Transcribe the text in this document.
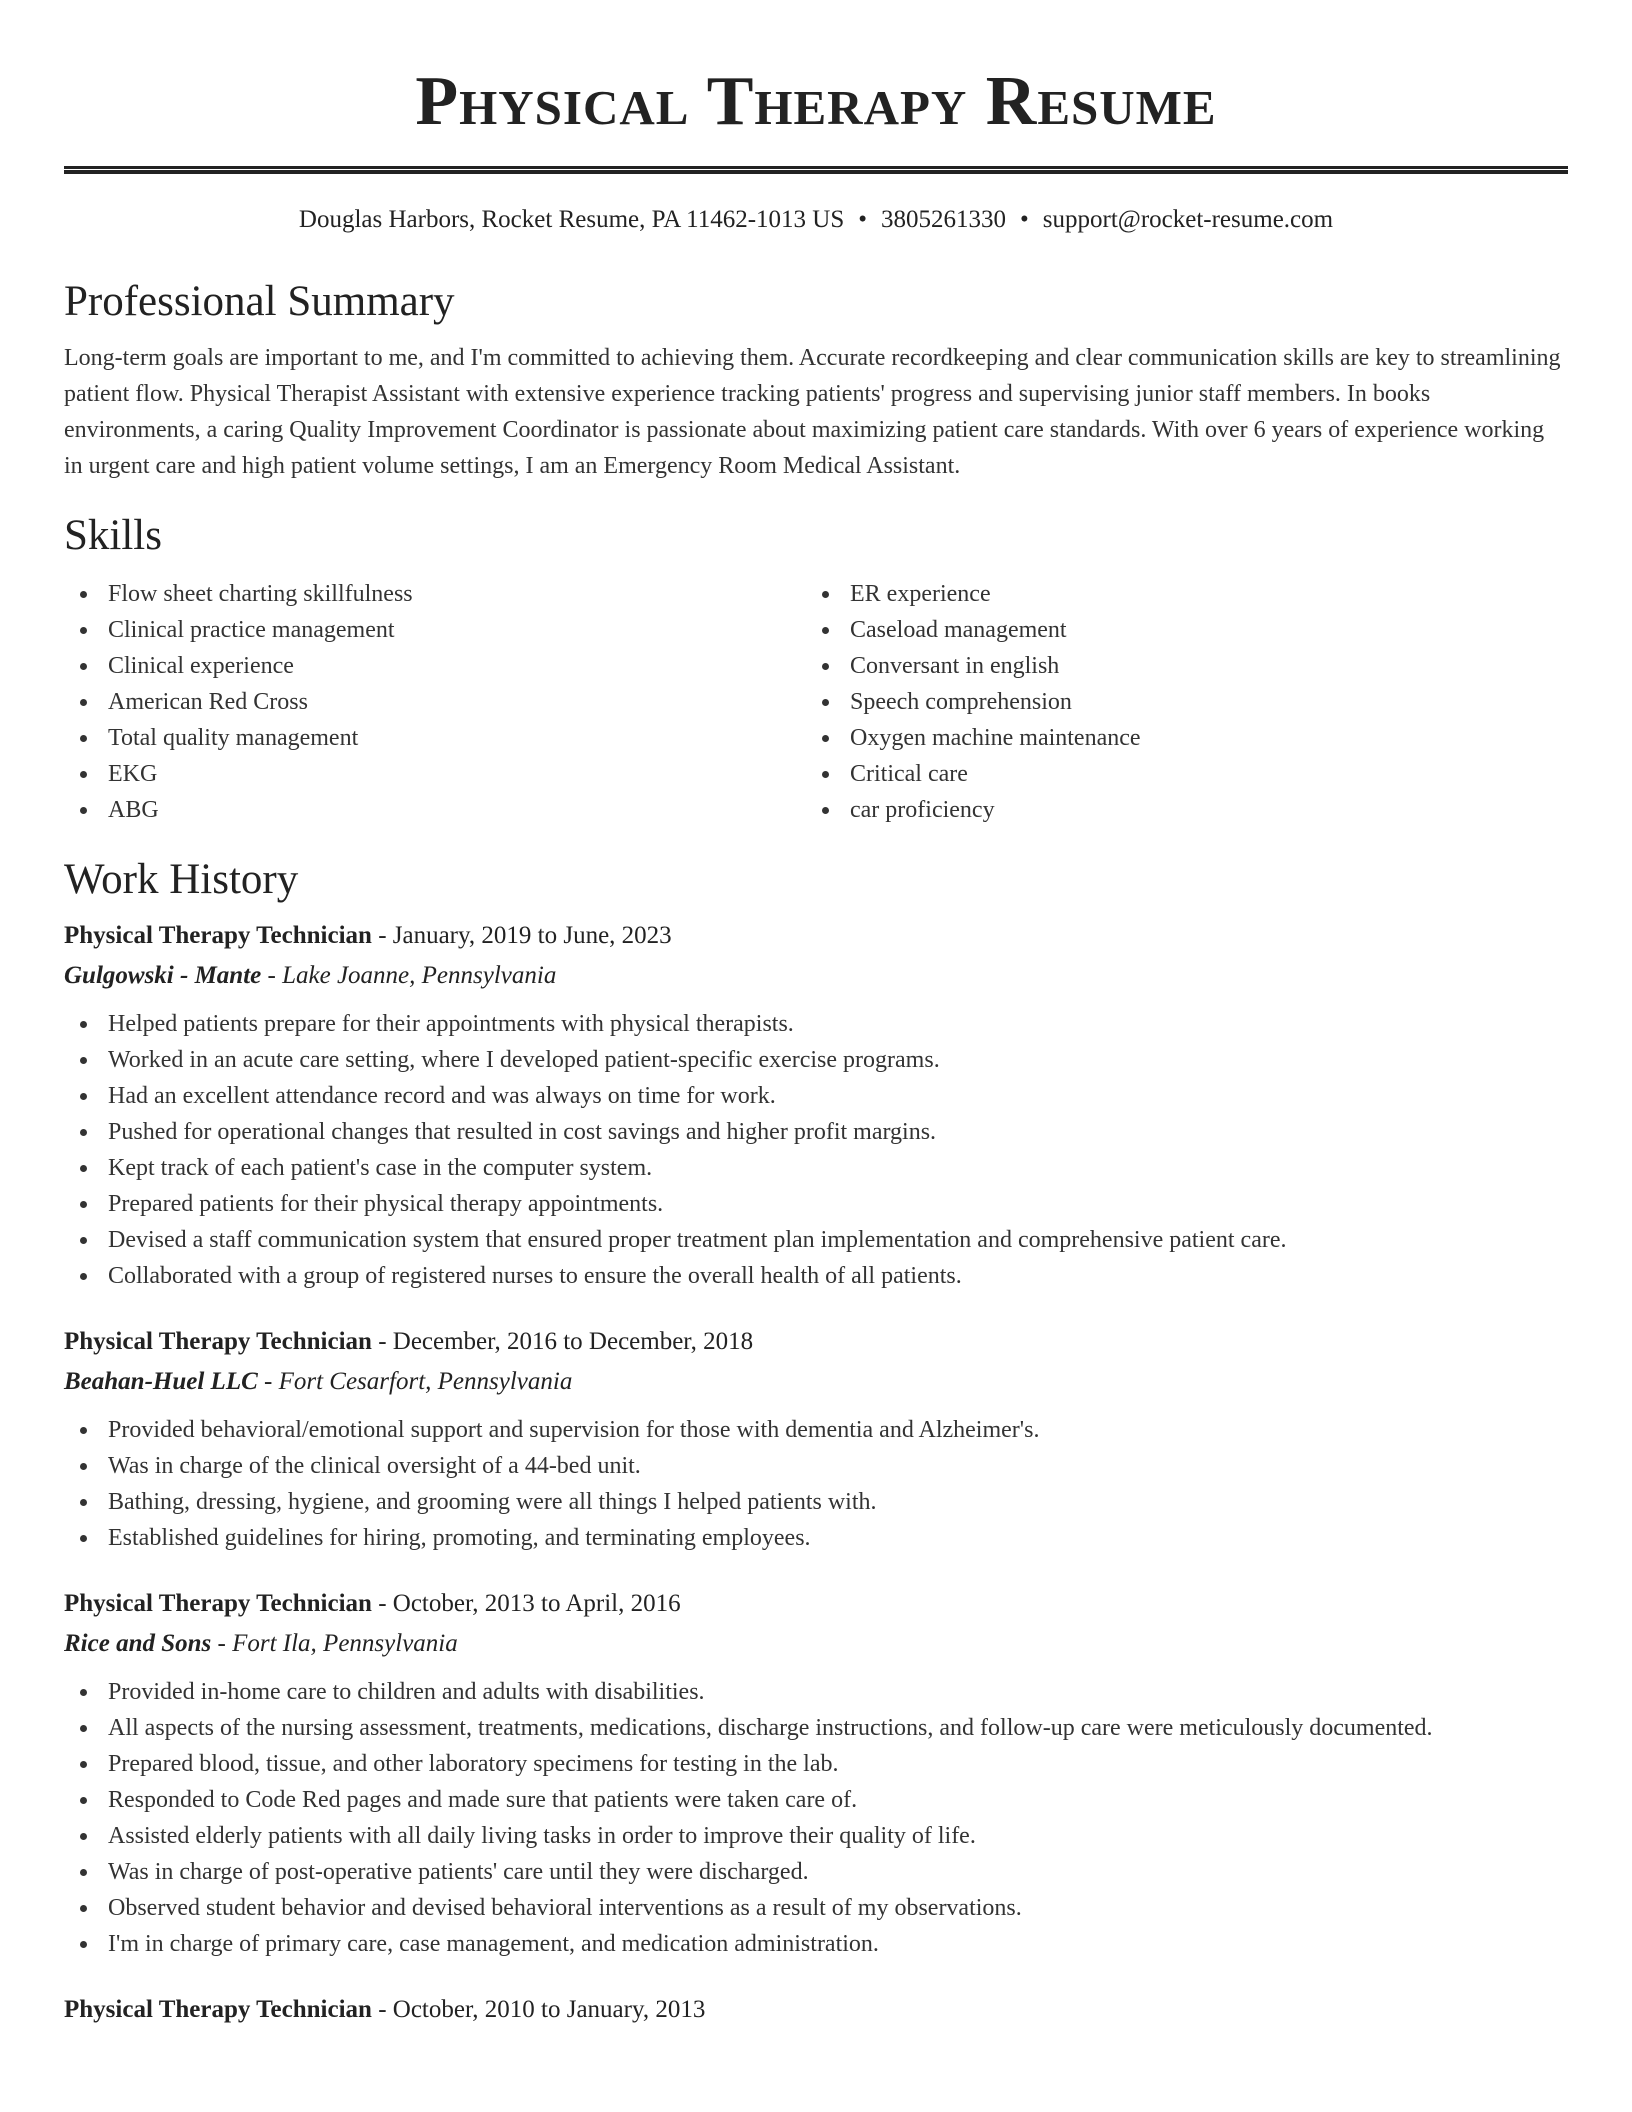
Physical Therapy Resume
Douglas Harbors, Rocket Resume, PA 11462-1013 US • 3805261330 • support@rocket-resume.com
Professional Summary

Long-term goals are important to me, and I'm committed to achieving them. Accurate recordkeeping and clear communication skills are key to streamlining patient flow. Physical Therapist Assistant with extensive experience tracking patients' progress and supervising junior staff members. In books environments, a caring Quality Improvement Coordinator is passionate about maximizing patient care standards. With over 6 years of experience working in urgent care and high patient volume settings, I am an Emergency Room Medical Assistant.

Skills
Flow sheet charting skillfulness
Clinical practice management
Clinical experience
American Red Cross
Total quality management
EKG
ABG
ER experience
Caseload management
Conversant in english
Speech comprehension
Oxygen machine maintenance
Critical care
car proficiency
Work History
Physical Therapy Technician - January, 2019 to June, 2023
Gulgowski - Mante - Lake Joanne, Pennsylvania
Helped patients prepare for their appointments with physical therapists.
Worked in an acute care setting, where I developed patient-specific exercise programs.
Had an excellent attendance record and was always on time for work.
Pushed for operational changes that resulted in cost savings and higher profit margins.
Kept track of each patient's case in the computer system.
Prepared patients for their physical therapy appointments.
Devised a staff communication system that ensured proper treatment plan implementation and comprehensive patient care.
Collaborated with a group of registered nurses to ensure the overall health of all patients.
Physical Therapy Technician - December, 2016 to December, 2018
Beahan-Huel LLC - Fort Cesarfort, Pennsylvania
Provided behavioral/emotional support and supervision for those with dementia and Alzheimer's.
Was in charge of the clinical oversight of a 44-bed unit.
Bathing, dressing, hygiene, and grooming were all things I helped patients with.
Established guidelines for hiring, promoting, and terminating employees.
Physical Therapy Technician - October, 2013 to April, 2016
Rice and Sons - Fort Ila, Pennsylvania
Provided in-home care to children and adults with disabilities.
All aspects of the nursing assessment, treatments, medications, discharge instructions, and follow-up care were meticulously documented.
Prepared blood, tissue, and other laboratory specimens for testing in the lab.
Responded to Code Red pages and made sure that patients were taken care of.
Assisted elderly patients with all daily living tasks in order to improve their quality of life.
Was in charge of post-operative patients' care until they were discharged.
Observed student behavior and devised behavioral interventions as a result of my observations.
I'm in charge of primary care, case management, and medication administration.
Physical Therapy Technician - October, 2010 to January, 2013
